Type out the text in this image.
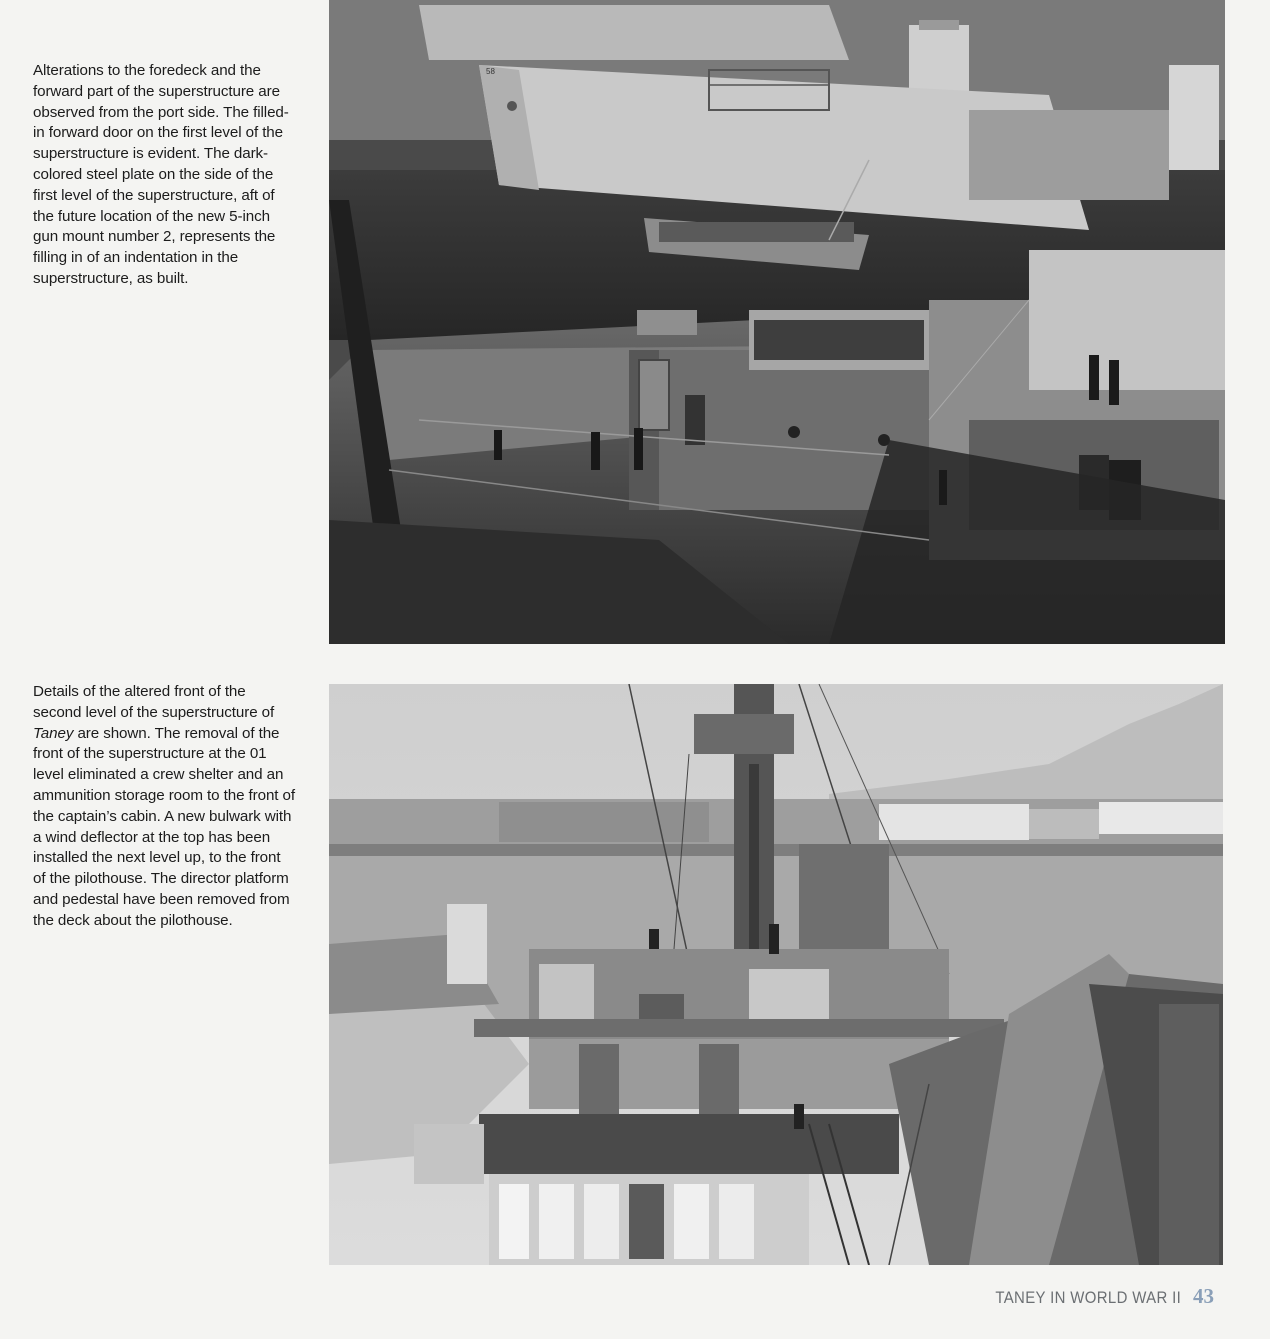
Alterations to the foredeck and the forward part of the superstructure are observed from the port side. The filled-in forward door on the first level of the superstructure is evident. The dark-colored steel plate on the side of the first level of the superstructure, aft of the future location of the new 5-inch gun mount number 2, represents the filling in of an indentation in the superstructure, as built.

Details of the altered front of the second level of the superstructure of Taney are shown. The removal of the front of the superstructure at the 01 level eliminated a crew shelter and an ammunition storage room to the front of the captain’s cabin. A new bulwark with a wind deflector at the top has been installed the next level up, to the front of the pilothouse. The director platform and pedestal have been removed from the deck about the pilothouse.

58
TANEY IN WORLD WAR II 43
